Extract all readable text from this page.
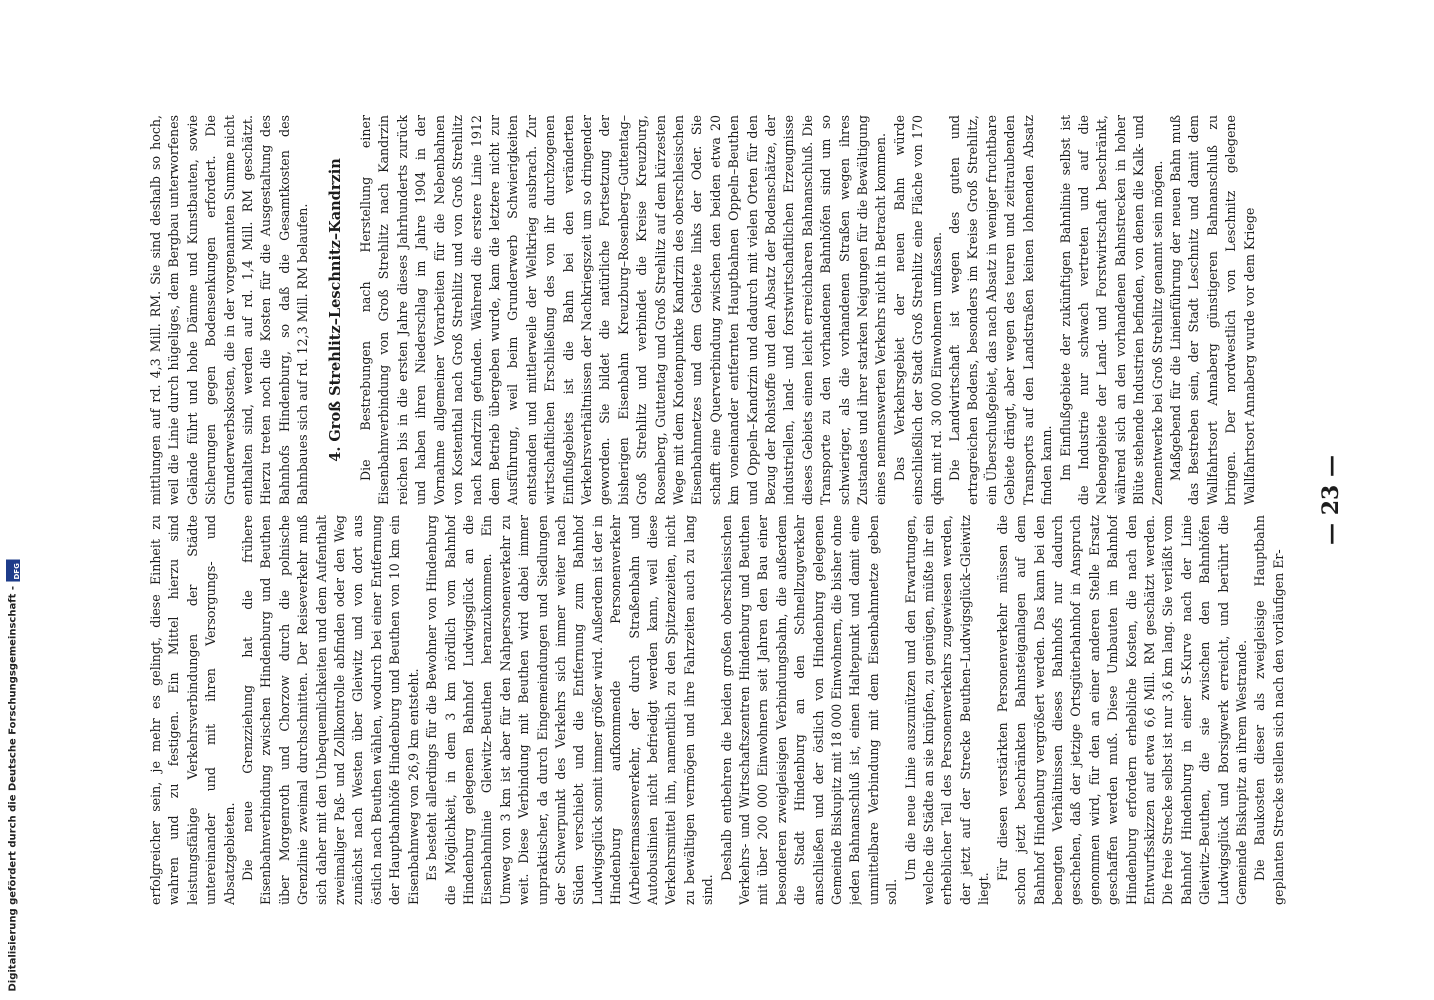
erfolgreicher sein, je mehr es gelingt, diese Einheit zu wahren und zu festigen. Ein Mittel hierzu sind leistungsfähige Verkehrsverbindungen der Städte untereinander und mit ihren Versorgungs- und Absatzgebieten. Die neue Grenzziehung hat die frühere Eisenbahnverbindung zwischen Hindenburg und Beuthen über Morgenroth und Chorzow durch die polnische Grenzlinie zweimal durchschnitten. Der Reiseverkehr muß sich daher mit den Unbequemlichkeiten und dem Aufenthalt zweimaliger Paß- und Zollkontrolle abfinden oder den Weg zunächst nach Westen über Gleiwitz und von dort aus östlich nach Beuthen wählen, wodurch bei einer Entfernung der Hauptbahnhöfe Hindenburg und Beuthen von 10 km ein Eisenbahnweg von 26,9 km entsteht. Es besteht allerdings für die Bewohner von Hindenburg die Möglichkeit, in dem 3 km nördlich vom Bahnhof Hindenburg gelegenen Bahnhof Ludwigsglück an die Eisenbahnlinie Gleiwitz–Beuthen heranzukommen. Ein Umweg von 3 km ist aber für den Nahpersonenverkehr zu weit. Diese Verbindung mit Beuthen wird dabei immer unpraktischer, da durch Eingemeindungen und Siedlungen der Schwerpunkt des Verkehrs sich immer weiter nach Süden verschiebt und die Entfernung zum Bahnhof Ludwigsglück somit immer größer wird. Außerdem ist der in Hindenburg aufkommende Personenverkehr (Arbeitermassenverkehr, der durch Straßenbahn und Autobuslinien nicht befriedigt werden kann, weil diese Verkehrsmittel ihn, namentlich zu den Spitzenzeiten, nicht zu bewältigen vermögen und ihre Fahrzeiten auch zu lang sind.

Deshalb entbehren die beiden großen oberschlesischen Verkehrs- und Wirtschaftszentren Hindenburg und Beuthen mit über 200 000 Einwohnern seit Jahren den Bau einer besonderen zweigleisigen Verbindungsbahn, die außerdem die Stadt Hindenburg an den Schnellzugverkehr anschließen und der östlich von Hindenburg gelegenen Gemeinde Biskupitz mit 18 000 Einwohnern, die bisher ohne jeden Bahnanschluß ist, einen Haltepunkt und damit eine unmittelbare Verbindung mit dem Eisenbahnnetze geben soll.

Um die neue Linie auszunützen und den Erwartungen, welche die Städte an sie knüpfen, zu genügen, müßte ihr ein erheblicher Teil des Personenverkehrs zugewiesen werden, der jetzt auf der Strecke Beuthen–Ludwigsglück–Gleiwitz liegt.

Für diesen verstärkten Personenverkehr müssen die schon jetzt beschränkten Bahnsteiganlagen auf dem Bahnhof Hindenburg vergrößert werden. Das kann bei den beengten Verhältnissen dieses Bahnhofs nur dadurch geschehen, daß der jetzige Ortsgüterbahnhof in Anspruch genommen wird, für den an einer anderen Stelle Ersatz geschaffen werden muß. Diese Umbauten im Bahnhof Hindenburg erfordern erhebliche Kosten, die nach den Entwurfsskizzen auf etwa 6,6 Mill. RM geschätzt werden. Die freie Strecke selbst ist nur 3,6 km lang. Sie verläßt vom Bahnhof Hindenburg in einer S-Kurve nach der Linie Gleiwitz–Beuthen, die sie zwischen den Bahnhöfen Ludwigsglück und Borsigwerk erreicht, und berührt die Gemeinde Biskupitz an ihrem Westrande. Die Baukosten dieser als zweigleisige Hauptbahn geplanten Strecke stellen sich nach den vorläufigen Er-

mittlungen auf rd. 4,3 Mill. RM. Sie sind deshalb so hoch, weil die Linie durch hügeliges, dem Bergbau unterworfenes Gelände führt und hohe Dämme und Kunstbauten, sowie Sicherungen gegen Bodensenkungen erfordert. Die Grunderwerbskosten, die in der vorgenannten Summe nicht enthalten sind, werden auf rd. 1,4 Mill. RM geschätzt. Hierzu treten noch die Kosten für die Ausgestaltung des Bahnhofs Hindenburg, so daß die Gesamtkosten des Bahnbaues sich auf rd. 12,3 Mill. RM belaufen. 4. Groß Strehlitz–Leschnitz–Kandrzin Die Bestrebungen nach Herstellung einer Eisenbahnverbindung von Groß Strehlitz nach Kandrzin reichen bis in die ersten Jahre dieses Jahrhunderts zurück und haben ihren Niederschlag im Jahre 1904 in der Vornahme allgemeiner Vorarbeiten für die Nebenbahnen von Kostenthal nach Groß Strehlitz und von Groß Strehlitz nach Kandrzin gefunden. Während die erstere Linie 1912 dem Betrieb übergeben wurde, kam die letztere nicht zur Ausführung, weil beim Grunderwerb Schwierigkeiten entstanden und mittlerweile der Weltkrieg ausbrach. Zur wirtschaftlichen Erschließung des von ihr durchzogenen Einflußgebiets ist die Bahn bei den veränderten Verkehrsverhältnissen der Nachkriegszeit um so dringender geworden. Sie bildet die natürliche Fortsetzung der bisherigen Eisenbahn Kreuzburg–Rosenberg–Guttentag–Groß Strehlitz und verbindet die Kreise Kreuzburg, Rosenberg, Guttentag und Groß Strehlitz auf dem kürzesten Wege mit dem Knotenpunkte Kandrzin des oberschlesischen Eisenbahnnetzes und dem Gebiete links der Oder. Sie schafft eine Querverbindung zwischen den beiden etwa 20 km voneinander entfernten Hauptbahnen Oppeln–Beuthen und Oppeln–Kandrzin und dadurch mit vielen Orten für den Bezug der Rohstoffe und den Absatz der Bodenschätze, der industriellen, land- und forstwirtschaftlichen Erzeugnisse dieses Gebiets einen leicht erreichbaren Bahnanschluß. Die Transporte zu den vorhandenen Bahnhöfen sind um so schwieriger, als die vorhandenen Straßen wegen ihres Zustandes und ihrer starken Neigungen für die Bewältigung eines nennenswerten Verkehrs nicht in Betracht kommen. Das Verkehrsgebiet der neuen Bahn würde einschließlich der Stadt Groß Strehlitz eine Fläche von 170 qkm mit rd. 30 000 Einwohnern umfassen. Die Landwirtschaft ist wegen des guten und ertragreichen Bodens, besonders im Kreise Groß Strehlitz, ein Überschußgebiet, das nach Absatz in weniger fruchtbare Gebiete drängt, aber wegen des teuren und zeitraubenden Transports auf den Landstraßen keinen lohnenden Absatz finden kann. Im Einflußgebiete der zukünftigen Bahnlinie selbst ist die Industrie nur schwach vertreten und auf die Nebengebiete der Land- und Forstwirtschaft beschränkt, während sich an den vorhandenen Bahnstrecken in hoher Blüte stehende Industrien befinden, von denen die Kalk- und Zementwerke bei Groß Strehlitz genannt sein mögen. Maßgebend für die Linienführung der neuen Bahn muß das Bestreben sein, der Stadt Leschnitz und damit dem Wallfahrtsort Annaberg günstigeren Bahnanschluß zu bringen. Der nordwestlich von Leschnitz gelegene Wallfahrtsort Annaberg wurde vor dem Kriege	— 23 —
Digitalisierung gefördert durch die Deutsche Forschungsgemeinschaft -
DFG
